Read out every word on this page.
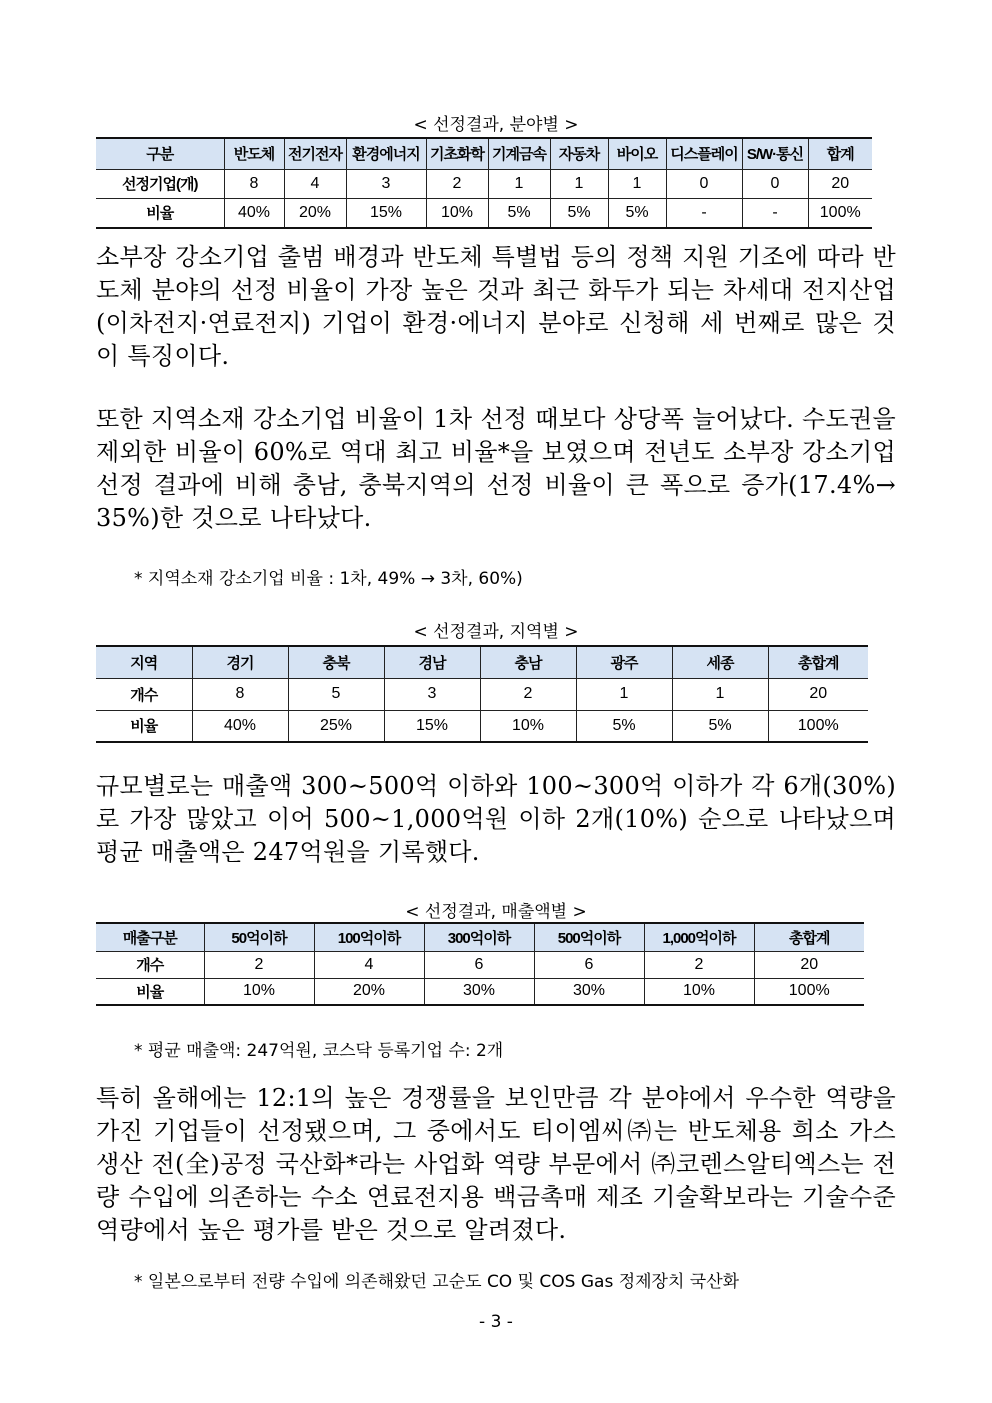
< 선정결과, 분야별 >
구분	반도체	전기전자	환경에너지	기초화학	기계금속	자동차	바이오	디스플레이	S/W·통신	합계
선정기업(개)	8	4	3	2	1	1	1	0	0	20
비율	40%	20%	15%	10%	5%	5%	5%	-	-	100%

소부장 강소기업 출범 배경과 반도체 특별법 등의 정책 지원 기조에 따라 반도체 분야의 선정 비율이 가장 높은 것과 최근 화두가 되는 차세대 전지산업(이차전지·연료전지) 기업이 환경·에너지 분야로 신청해 세 번째로 많은 것이 특징이다.

또한 지역소재 강소기업 비율이 1차 선정 때보다 상당폭 늘어났다. 수도권을 제외한 비율이 60%로 역대 최고 비율*을 보였으며 전년도 소부장 강소기업 선정 결과에 비해 충남, 충북지역의 선정 비율이 큰 폭으로 증가(17.4%→ 35%)한 것으로 나타났다.

* 지역소재 강소기업 비율 : 1차, 49% → 3차, 60%)
< 선정결과, 지역별 >
지역	경기	충북	경남	충남	광주	세종	총합계
개수	8	5	3	2	1	1	20
비율	40%	25%	15%	10%	5%	5%	100%

규모별로는 매출액 300~500억 이하와 100~300억 이하가 각 6개(30%)로 가장 많았고 이어 500~1,000억원 이하 2개(10%) 순으로 나타났으며 평균 매출액은 247억원을 기록했다.

< 선정결과, 매출액별 >
매출구분	50억이하	100억이하	300억이하	500억이하	1,000억이하	총합계
개수	2	4	6	6	2	20
비율	10%	20%	30%	30%	10%	100%
* 평균 매출액: 247억원, 코스닥 등록기업 수: 2개

특히 올해에는 12:1의 높은 경쟁률을 보인만큼 각 분야에서 우수한 역량을 가진 기업들이 선정됐으며, 그 중에서도 티이엠씨㈜는 반도체용 희소 가스 생산 전(全)공정 국산화*라는 사업화 역량 부문에서 ㈜코렌스알티엑스는 전량 수입에 의존하는 수소 연료전지용 백금촉매 제조 기술확보라는 기술수준 역량에서 높은 평가를 받은 것으로 알려졌다.

* 일본으로부터 전량 수입에 의존해왔던 고순도 CO 및 COS Gas 정제장치 국산화
- 3 -
